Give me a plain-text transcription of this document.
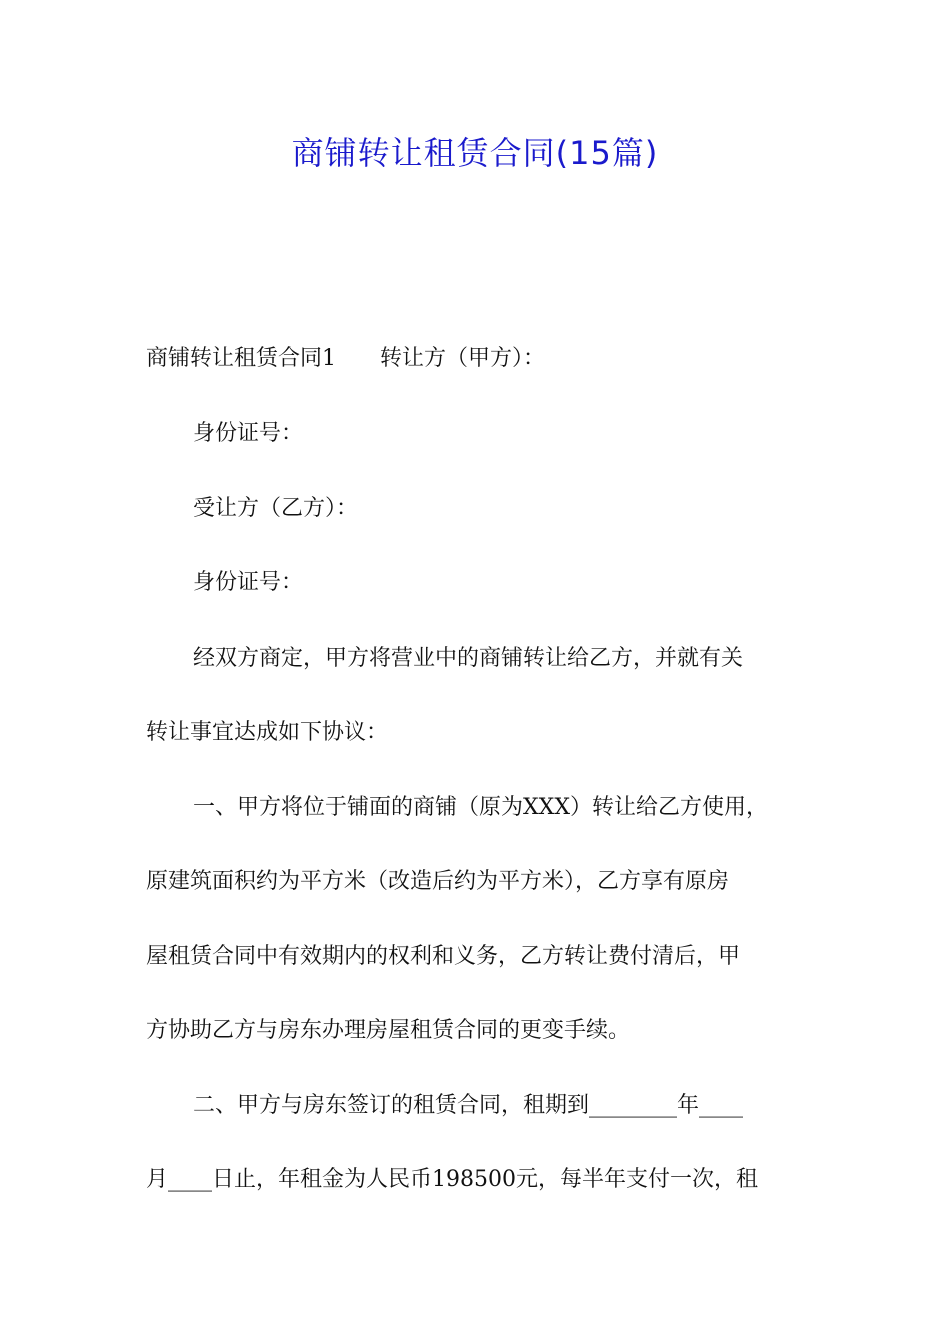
商铺转让租赁合同(15篇)

商铺转让租赁合同1 转让方（甲方）：

身份证号：

受让方（乙方）：

身份证号：

经双方商定，甲方将营业中的商铺转让给乙方，并就有关

转让事宜达成如下协议：

一、甲方将位于铺面的商铺（原为XXX）转让给乙方使用，

原建筑面积约为平方米（改造后约为平方米），乙方享有原房

屋租赁合同中有效期内的权利和义务，乙方转让费付清后，甲

方协助乙方与房东办理房屋租赁合同的更变手续。

二、甲方与房东签订的租赁合同，租期到________年____

月____日止，年租金为人民币198500元，每半年支付一次，租
